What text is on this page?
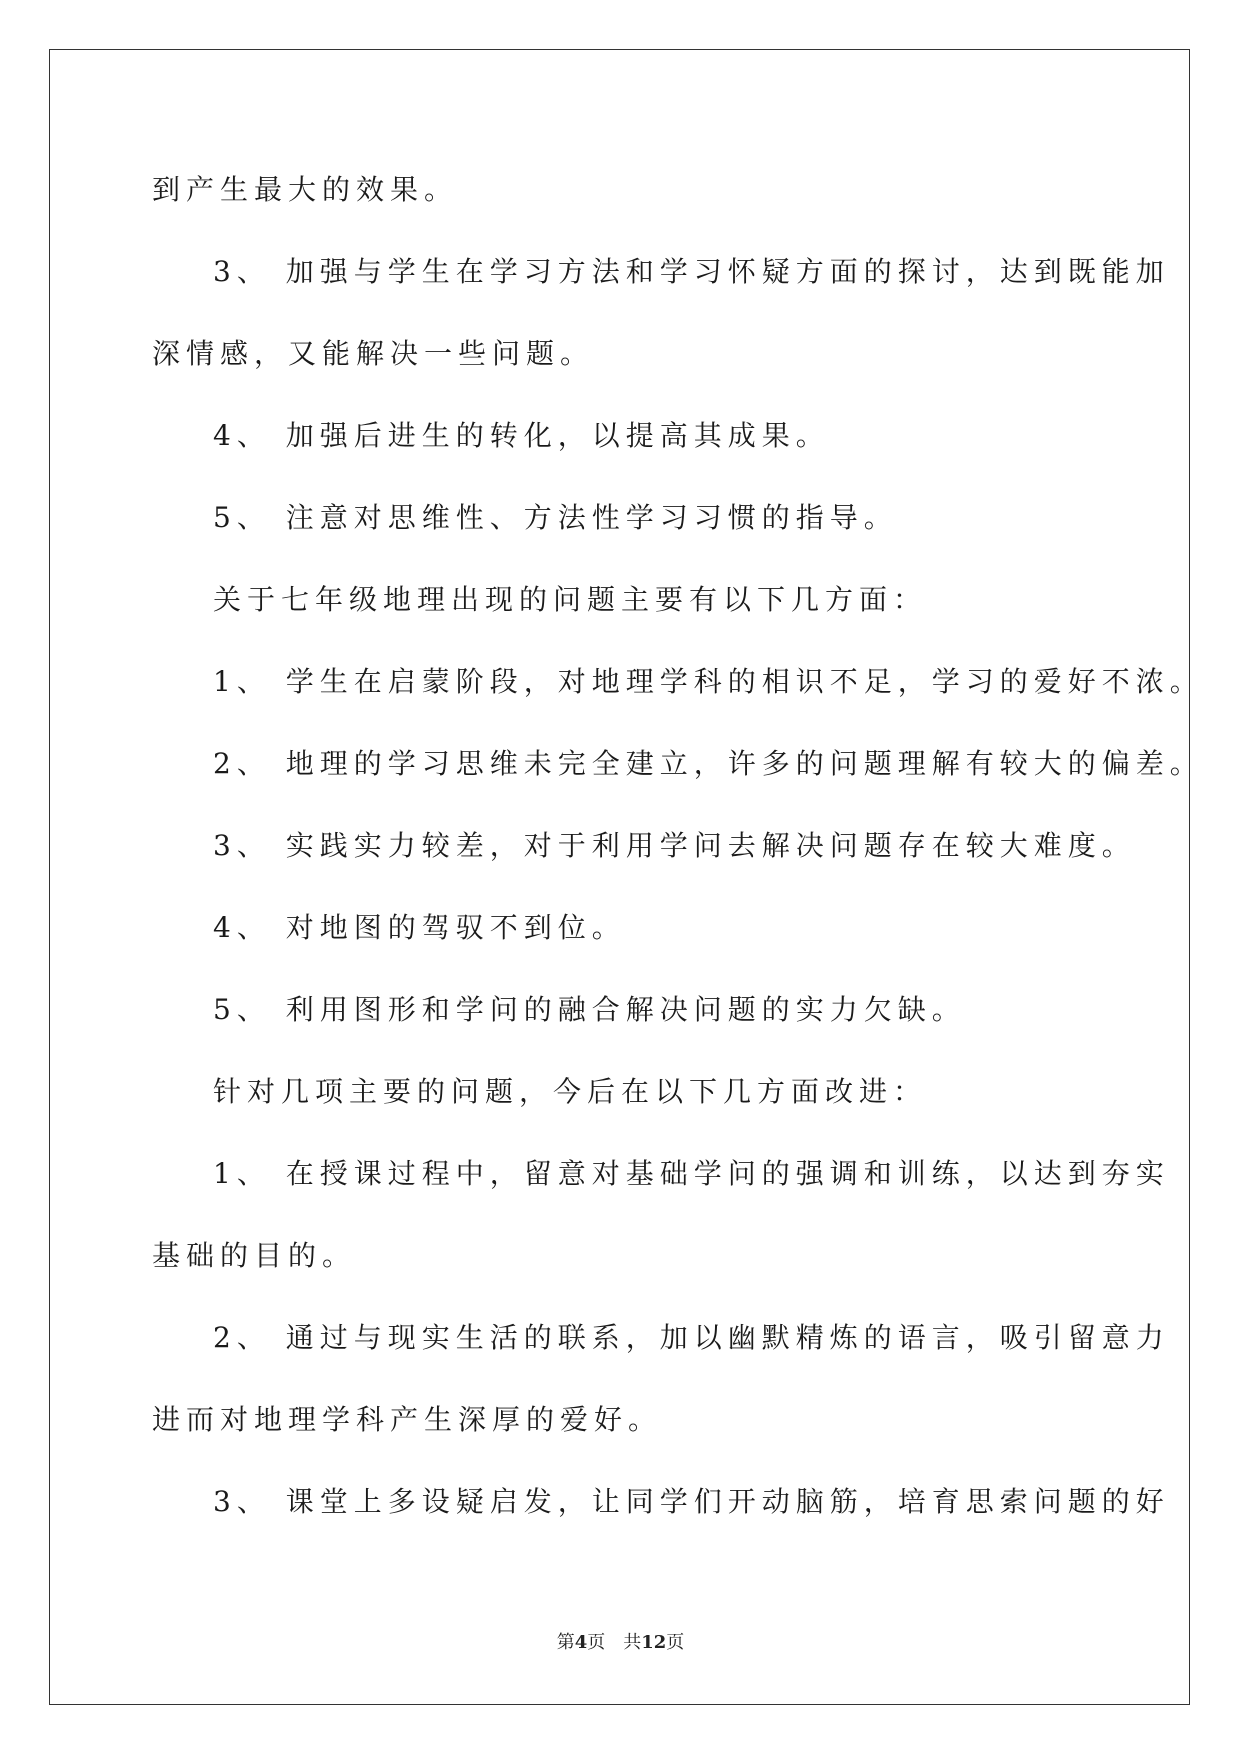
到产生最大的效果。
3、 加强与学生在学习方法和学习怀疑方面的探讨，达到既能加
深情感，又能解决一些问题。
4、 加强后进生的转化，以提高其成果。
5、 注意对思维性、方法性学习习惯的指导。
关于七年级地理出现的问题主要有以下几方面：
1、 学生在启蒙阶段，对地理学科的相识不足，学习的爱好不浓。
2、 地理的学习思维未完全建立，许多的问题理解有较大的偏差。
3、 实践实力较差，对于利用学问去解决问题存在较大难度。
4、 对地图的驾驭不到位。
5、 利用图形和学问的融合解决问题的实力欠缺。
针对几项主要的问题，今后在以下几方面改进：
1、 在授课过程中，留意对基础学问的强调和训练，以达到夯实
基础的目的。
2、 通过与现实生活的联系，加以幽默精炼的语言，吸引留意力
进而对地理学科产生深厚的爱好。
3、 课堂上多设疑启发，让同学们开动脑筋，培育思索问题的好
第4页 共12页
